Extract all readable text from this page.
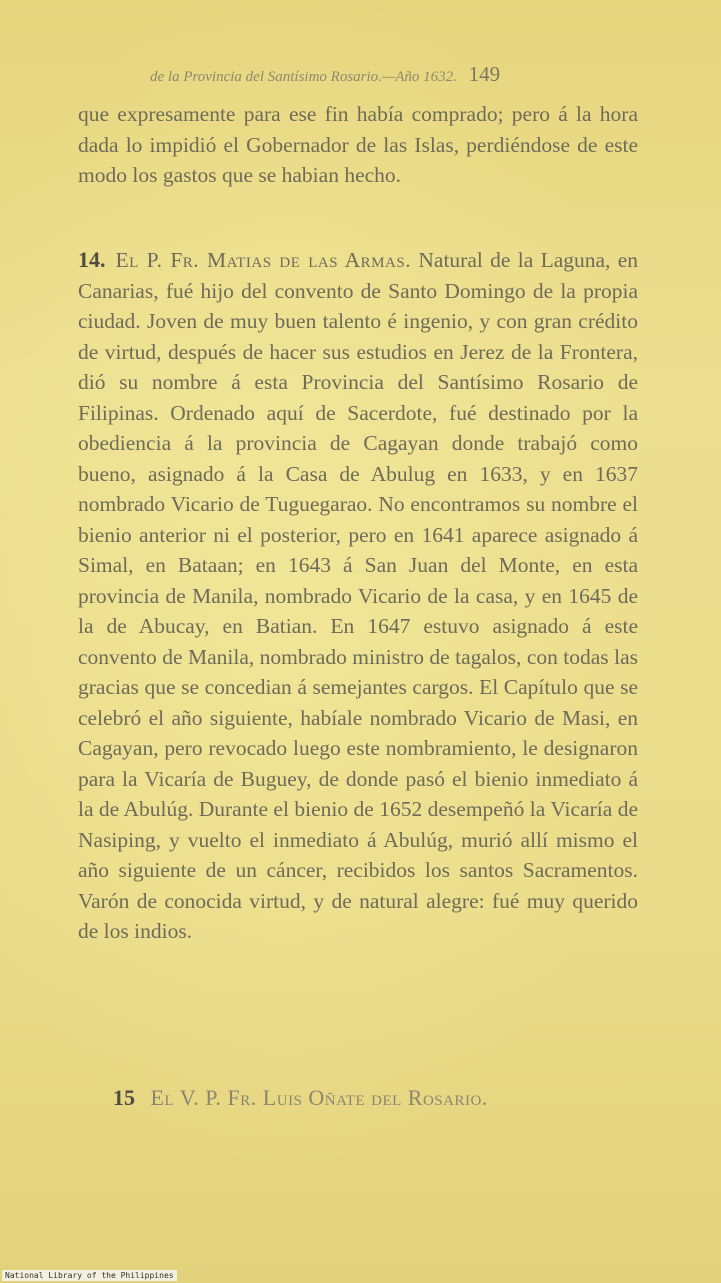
de la Provincia del Santísimo Rosario.—Año 1632. 149

que expresamente para ese fin había comprado; pero á la hora dada lo impidió el Gobernador de las Islas, perdiéndose de este modo los gastos que se habian hecho.

14. El P. Fr. Matias de las Armas. Natural de la Laguna, en Canarias, fué hijo del convento de Santo Domingo de la propia ciudad. Joven de muy buen talento é ingenio, y con gran crédito de virtud, después de hacer sus estudios en Jerez de la Frontera, dió su nombre á esta Provincia del Santísimo Rosario de Filipinas. Ordenado aquí de Sacerdote, fué destinado por la obediencia á la provincia de Cagayan donde trabajó como bueno, asignado á la Casa de Abulug en 1633, y en 1637 nombrado Vicario de Tuguegarao. No encontramos su nombre el bienio anterior ni el posterior, pero en 1641 aparece asignado á Simal, en Bataan; en 1643 á San Juan del Monte, en esta provincia de Manila, nombrado Vicario de la casa, y en 1645 de la de Abucay, en Batian. En 1647 estuvo asignado á este convento de Manila, nombrado ministro de tagalos, con todas las gracias que se concedian á semejantes cargos. El Capítulo que se celebró el año siguiente, habíale nombrado Vicario de Masi, en Cagayan, pero revocado luego este nombramiento, le designaron para la Vicaría de Buguey, de donde pasó el bienio inmediato á la de Abulúg. Durante el bienio de 1652 desempeñó la Vicaría de Nasiping, y vuelto el inmediato á Abulúg, murió allí mismo el año siguiente de un cáncer, recibidos los santos Sacramentos. Varón de conocida virtud, y de natural alegre: fué muy querido de los indios.

15 El V. P. Fr. Luis Oñate del Rosario.
National Library of the Philippines
